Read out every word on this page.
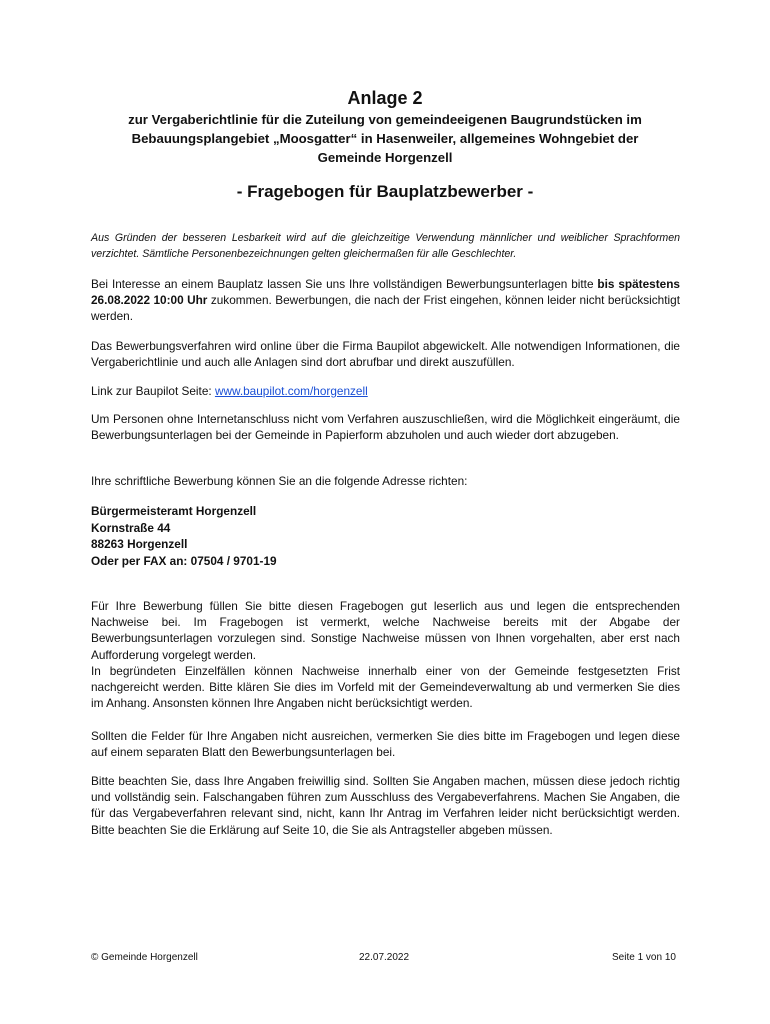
Anlage 2
zur Vergaberichtlinie für die Zuteilung von gemeindeeigenen Baugrundstücken im
Bebauungsplangebiet „Moosgatter“ in Hasenweiler, allgemeines Wohngebiet der
Gemeinde Horgenzell
- Fragebogen für Bauplatzbewerber -

Aus Gründen der besseren Lesbarkeit wird auf die gleichzeitige Verwendung männlicher und weiblicher Sprachformen verzichtet. Sämtliche Personenbezeichnungen gelten gleichermaßen für alle Geschlechter.

Bei Interesse an einem Bauplatz lassen Sie uns Ihre vollständigen Bewerbungsunterlagen bitte bis spätestens 26.08.2022 10:00 Uhr zukommen. Bewerbungen, die nach der Frist eingehen, können leider nicht berücksichtigt werden.

Das Bewerbungsverfahren wird online über die Firma Baupilot abgewickelt. Alle notwendigen Informationen, die Vergaberichtlinie und auch alle Anlagen sind dort abrufbar und direkt auszufüllen.

Link zur Baupilot Seite: www.baupilot.com/horgenzell

Um Personen ohne Internetanschluss nicht vom Verfahren auszuschließen, wird die Möglichkeit eingeräumt, die Bewerbungsunterlagen bei der Gemeinde in Papierform abzuholen und auch wieder dort abzugeben.

Ihre schriftliche Bewerbung können Sie an die folgende Adresse richten:

Bürgermeisteramt Horgenzell
Kornstraße 44
88263 Horgenzell
Oder per FAX an: 07504 / 9701-19

Für Ihre Bewerbung füllen Sie bitte diesen Fragebogen gut leserlich aus und legen die entsprechenden Nachweise bei. Im Fragebogen ist vermerkt, welche Nachweise bereits mit der Abgabe der Bewerbungsunterlagen vorzulegen sind. Sonstige Nachweise müssen von Ihnen vorgehalten, aber erst nach Aufforderung vorgelegt werden.

In begründeten Einzelfällen können Nachweise innerhalb einer von der Gemeinde festgesetzten Frist nachgereicht werden. Bitte klären Sie dies im Vorfeld mit der Gemeindeverwaltung ab und vermerken Sie dies im Anhang. Ansonsten können Ihre Angaben nicht berücksichtigt werden.

Sollten die Felder für Ihre Angaben nicht ausreichen, vermerken Sie dies bitte im Fragebogen und legen diese auf einem separaten Blatt den Bewerbungsunterlagen bei.

Bitte beachten Sie, dass Ihre Angaben freiwillig sind. Sollten Sie Angaben machen, müssen diese jedoch richtig und vollständig sein. Falschangaben führen zum Ausschluss des Vergabeverfahrens. Machen Sie Angaben, die für das Vergabeverfahren relevant sind, nicht, kann Ihr Antrag im Verfahren leider nicht berücksichtigt werden. Bitte beachten Sie die Erklärung auf Seite 10, die Sie als Antragsteller abgeben müssen.

© Gemeinde Horgenzell	22.07.2022	Seite 1 von 10
